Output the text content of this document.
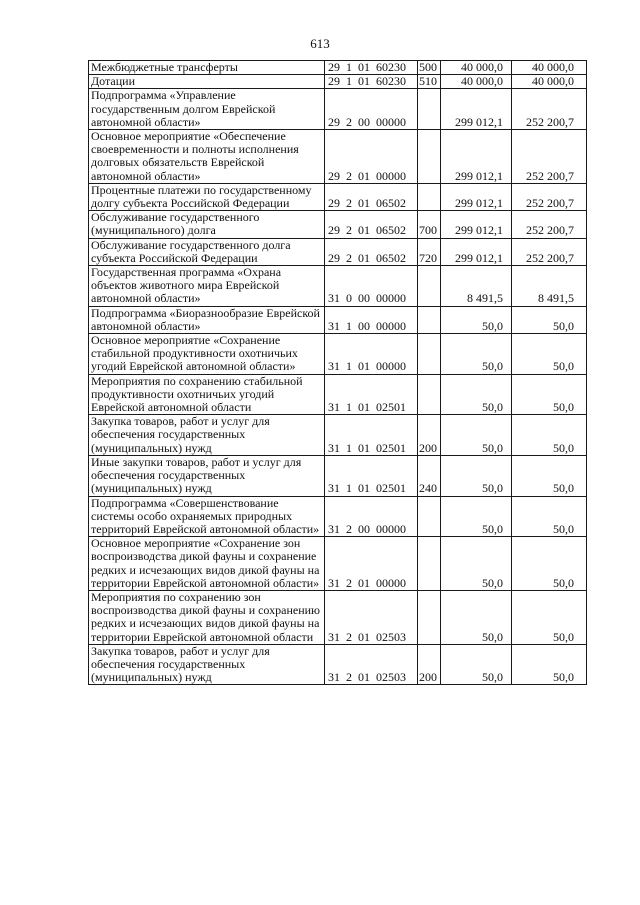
613
Межбюджетные трансферты	29 1 01 60230	500	40 000,0	40 000,0
Дотации	29 1 01 60230	510	40 000,0	40 000,0
Подпрограмма «Управление государственным долгом Еврейской автономной области»	29 2 00 00000		299 012,1	252 200,7
Основное мероприятие «Обеспечение своевременности и полноты исполнения долговых обязательств Еврейской автономной области»	29 2 01 00000		299 012,1	252 200,7
Процентные платежи по государственному долгу субъекта Российской Федерации	29 2 01 06502		299 012,1	252 200,7
Обслуживание государственного (муниципального) долга	29 2 01 06502	700	299 012,1	252 200,7
Обслуживание государственного долга субъекта Российской Федерации	29 2 01 06502	720	299 012,1	252 200,7
Государственная программа «Охрана объектов животного мира Еврейской автономной области»	31 0 00 00000		8 491,5	8 491,5
Подпрограмма «Биоразнообразие Еврейской автономной области»	31 1 00 00000		50,0	50,0
Основное мероприятие «Сохранение стабильной продуктивности охотничьих угодий Еврейской автономной области»	31 1 01 00000		50,0	50,0
Мероприятия по сохранению стабильной продуктивности охотничьих угодий Еврейской автономной области	31 1 01 02501		50,0	50,0
Закупка товаров, работ и услуг для обеспечения государственных (муниципальных) нужд	31 1 01 02501	200	50,0	50,0
Иные закупки товаров, работ и услуг для обеспечения государственных (муниципальных) нужд	31 1 01 02501	240	50,0	50,0
Подпрограмма «Совершенствование системы особо охраняемых природных территорий Еврейской автономной области»	31 2 00 00000		50,0	50,0
Основное мероприятие «Сохранение зон воспроизводства дикой фауны и сохранение редких и исчезающих видов дикой фауны на территории Еврейской автономной области»	31 2 01 00000		50,0	50,0
Мероприятия по сохранению зон воспроизводства дикой фауны и сохранению редких и исчезающих видов дикой фауны на территории Еврейской автономной области	31 2 01 02503		50,0	50,0
Закупка товаров, работ и услуг для обеспечения государственных (муниципальных) нужд	31 2 01 02503	200	50,0	50,0
